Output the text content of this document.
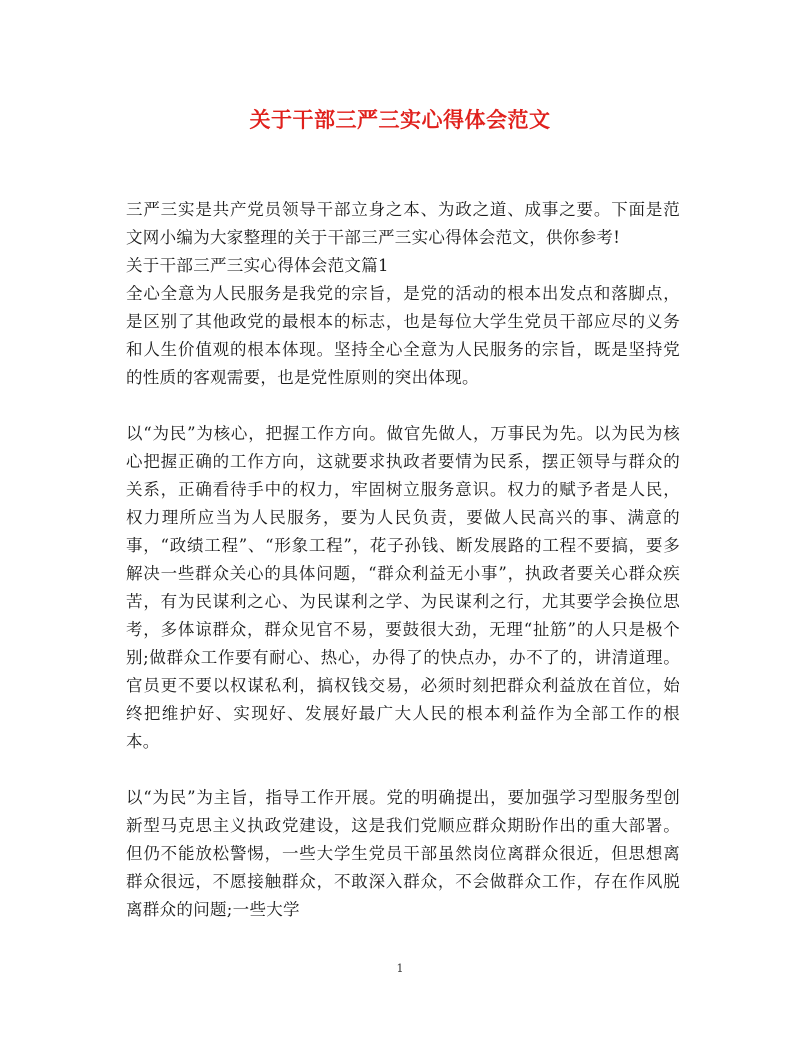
关于干部三严三实心得体会范文

三严三实是共产党员领导干部立身之本、为政之道、成事之要。下面是范文网小编为大家整理的关于干部三严三实心得体会范文，供你参考!

关于干部三严三实心得体会范文篇1

全心全意为人民服务是我党的宗旨，是党的活动的根本出发点和落脚点，是区别了其他政党的最根本的标志，也是每位大学生党员干部应尽的义务和人生价值观的根本体现。坚持全心全意为人民服务的宗旨，既是坚持党的性质的客观需要，也是党性原则的突出体现。

以“为民”为核心，把握工作方向。做官先做人，万事民为先。以为民为核心把握正确的工作方向，这就要求执政者要情为民系，摆正领导与群众的关系，正确看待手中的权力，牢固树立服务意识。权力的赋予者是人民，权力理所应当为人民服务，要为人民负责，要做人民高兴的事、满意的事，“政绩工程”、“形象工程”，花子孙钱、断发展路的工程不要搞，要多解决一些群众关心的具体问题，“群众利益无小事”，执政者要关心群众疾苦，有为民谋利之心、为民谋利之学、为民谋利之行，尤其要学会换位思考，多体谅群众，群众见官不易，要鼓很大劲，无理“扯筋”的人只是极个别;做群众工作要有耐心、热心，办得了的快点办，办不了的，讲清道理。官员更不要以权谋私利，搞权钱交易，必须时刻把群众利益放在首位，始终把维护好、实现好、发展好最广大人民的根本利益作为全部工作的根本。

以“为民”为主旨，指导工作开展。党的明确提出，要加强学习型服务型创新型马克思主义执政党建设，这是我们党顺应群众期盼作出的重大部署。但仍不能放松警惕，一些大学生党员干部虽然岗位离群众很近，但思想离群众很远，不愿接触群众，不敢深入群众，不会做群众工作，存在作风脱离群众的问题;一些大学

1
